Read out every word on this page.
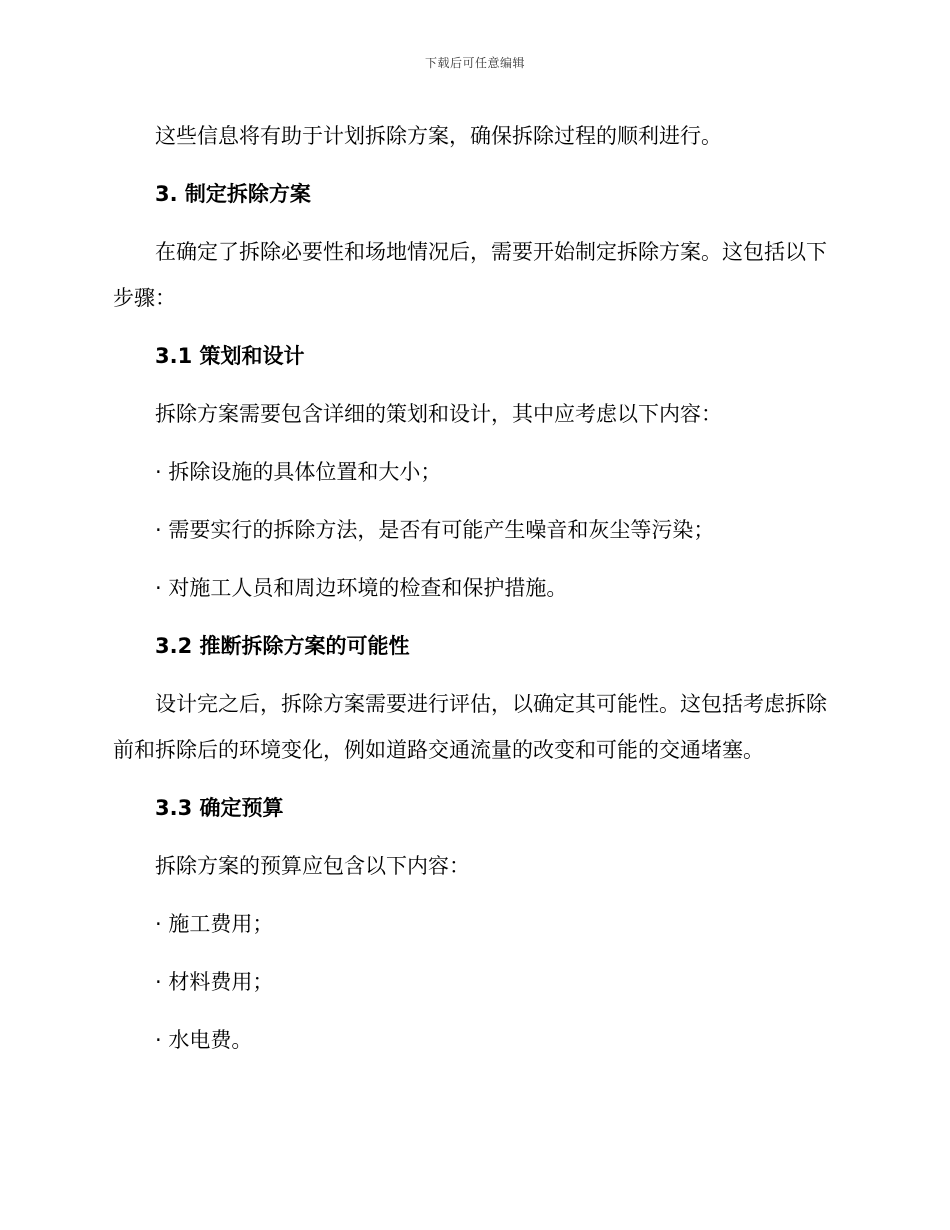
下载后可任意编辑

这些信息将有助于计划拆除方案，确保拆除过程的顺利进行。

3. 制定拆除方案

在确定了拆除必要性和场地情况后，需要开始制定拆除方案。这包括以下步骤：

3.1 策划和设计

拆除方案需要包含详细的策划和设计，其中应考虑以下内容：

· 拆除设施的具体位置和大小；
· 需要实行的拆除方法，是否有可能产生噪音和灰尘等污染；
· 对施工人员和周边环境的检查和保护措施。
3.2 推断拆除方案的可能性

设计完之后，拆除方案需要进行评估，以确定其可能性。这包括考虑拆除前和拆除后的环境变化，例如道路交通流量的改变和可能的交通堵塞。

3.3 确定预算

拆除方案的预算应包含以下内容：

· 施工费用；
· 材料费用；
· 水电费。
